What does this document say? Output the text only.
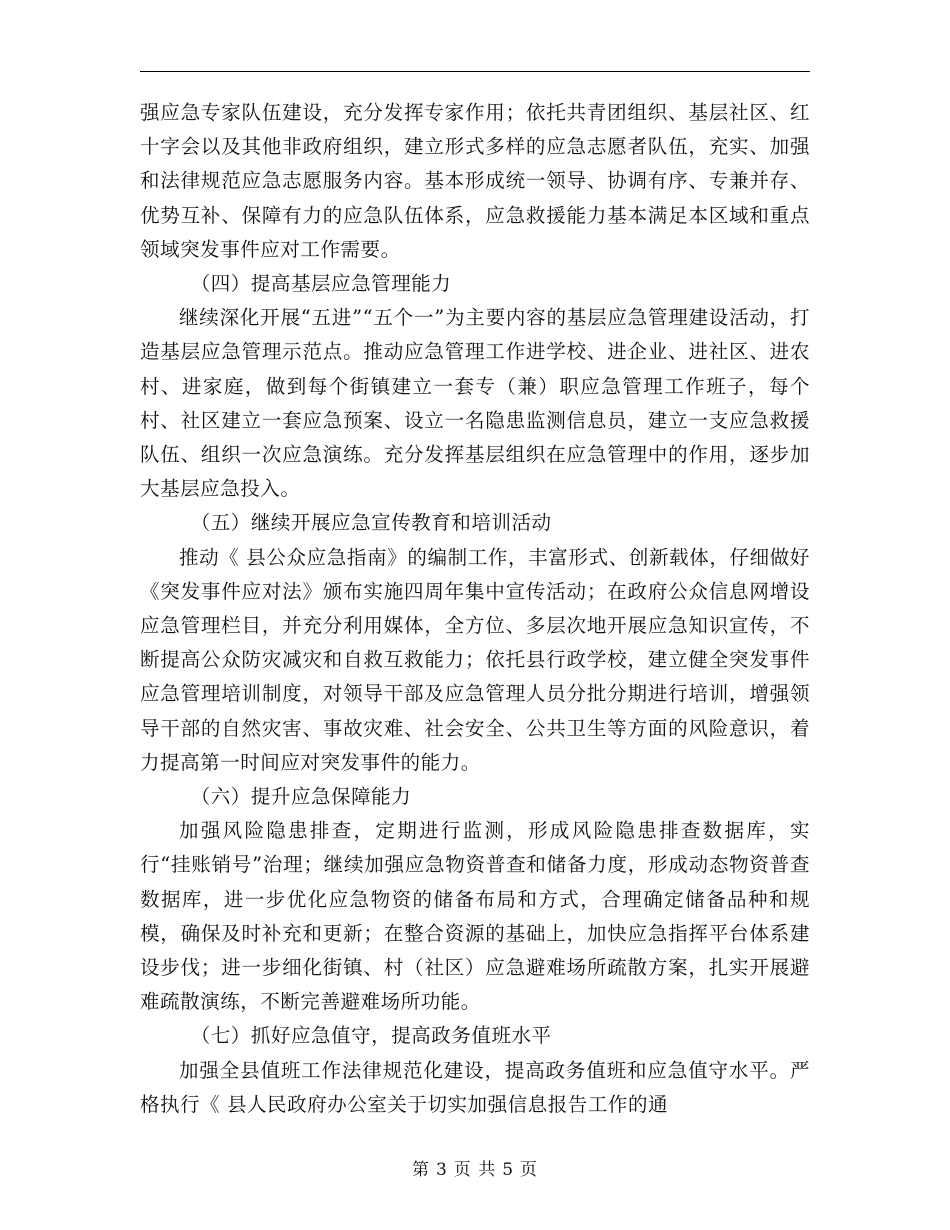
强应急专家队伍建设，充分发挥专家作用；依托共青团组织、基层社区、红十字会以及其他非政府组织，建立形式多样的应急志愿者队伍，充实、加强和法律规范应急志愿服务内容。基本形成统一领导、协调有序、专兼并存、优势互补、保障有力的应急队伍体系，应急救援能力基本满足本区域和重点领域突发事件应对工作需要。

（四）提高基层应急管理能力

继续深化开展“五进”“五个一”为主要内容的基层应急管理建设活动，打造基层应急管理示范点。推动应急管理工作进学校、进企业、进社区、进农村、进家庭，做到每个街镇建立一套专（兼）职应急管理工作班子，每个村、社区建立一套应急预案、设立一名隐患监测信息员，建立一支应急救援队伍、组织一次应急演练。充分发挥基层组织在应急管理中的作用，逐步加大基层应急投入。

（五）继续开展应急宣传教育和培训活动

推动《 县公众应急指南》的编制工作，丰富形式、创新载体，仔细做好《突发事件应对法》颁布实施四周年集中宣传活动；在政府公众信息网增设应急管理栏目，并充分利用媒体，全方位、多层次地开展应急知识宣传，不断提高公众防灾减灾和自救互救能力；依托县行政学校，建立健全突发事件应急管理培训制度，对领导干部及应急管理人员分批分期进行培训，增强领导干部的自然灾害、事故灾难、社会安全、公共卫生等方面的风险意识，着力提高第一时间应对突发事件的能力。

（六）提升应急保障能力

加强风险隐患排查，定期进行监测，形成风险隐患排查数据库，实行“挂账销号”治理；继续加强应急物资普查和储备力度，形成动态物资普查数据库，进一步优化应急物资的储备布局和方式，合理确定储备品种和规模，确保及时补充和更新；在整合资源的基础上，加快应急指挥平台体系建设步伐；进一步细化街镇、村（社区）应急避难场所疏散方案，扎实开展避难疏散演练，不断完善避难场所功能。

（七）抓好应急值守，提高政务值班水平

加强全县值班工作法律规范化建设，提高政务值班和应急值守水平。严格执行《 县人民政府办公室关于切实加强信息报告工作的通

第 3 页 共 5 页
